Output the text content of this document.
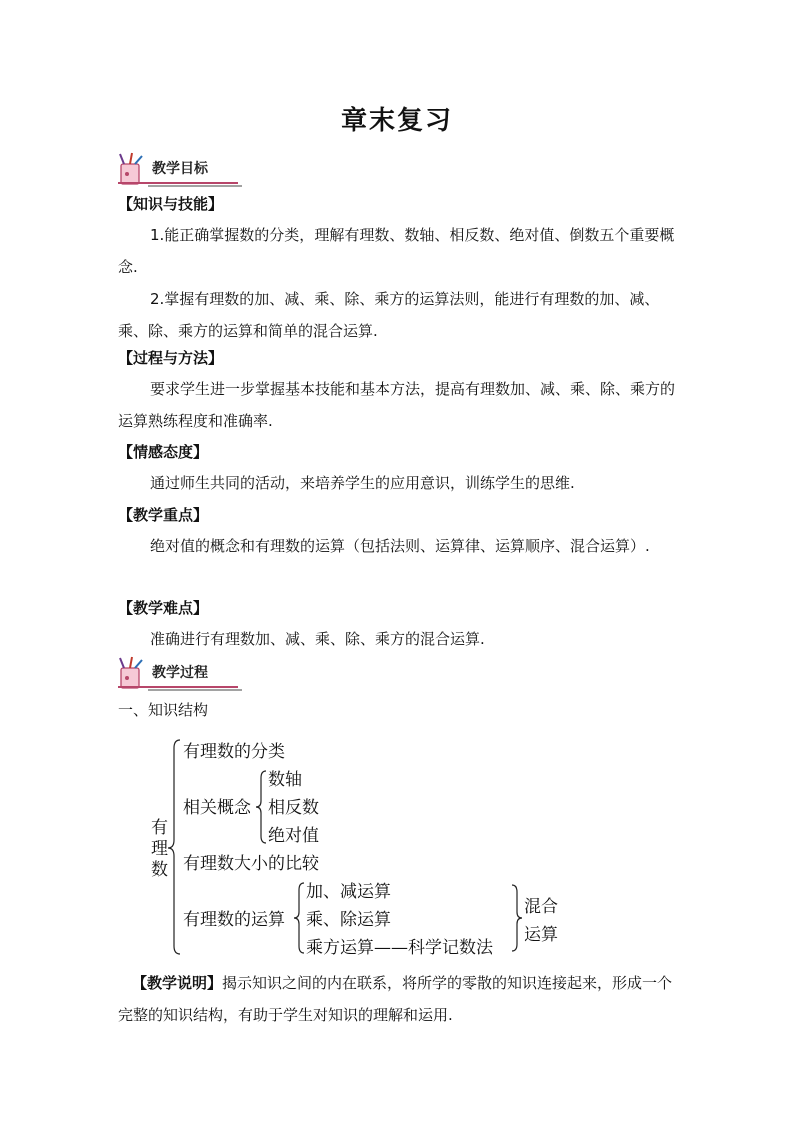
章末复习
教学目标
【知识与技能】
1.能正确掌握数的分类，理解有理数、数轴、相反数、绝对值、倒数五个重要概念.
2.掌握有理数的加、减、乘、除、乘方的运算法则，能进行有理数的加、减、乘、除、乘方的运算和简单的混合运算.
【过程与方法】
要求学生进一步掌握基本技能和基本方法，提高有理数加、减、乘、除、乘方的运算熟练程度和准确率.
【情感态度】
通过师生共同的活动，来培养学生的应用意识，训练学生的思维.
【教学重点】
绝对值的概念和有理数的运算（包括法则、运算律、运算顺序、混合运算）.
【教学难点】
准确进行有理数加、减、乘、除、乘方的混合运算.
教学过程
一、知识结构
有
理
数
有理数的分类
相关概念
数轴
相反数
绝对值
有理数大小的比较
有理数的运算
加、减运算
乘、除运算
乘方运算——科学记数法
混合
运算
【教学说明】揭示知识之间的内在联系，将所学的零散的知识连接起来，形成一个完整的知识结构，有助于学生对知识的理解和运用.
